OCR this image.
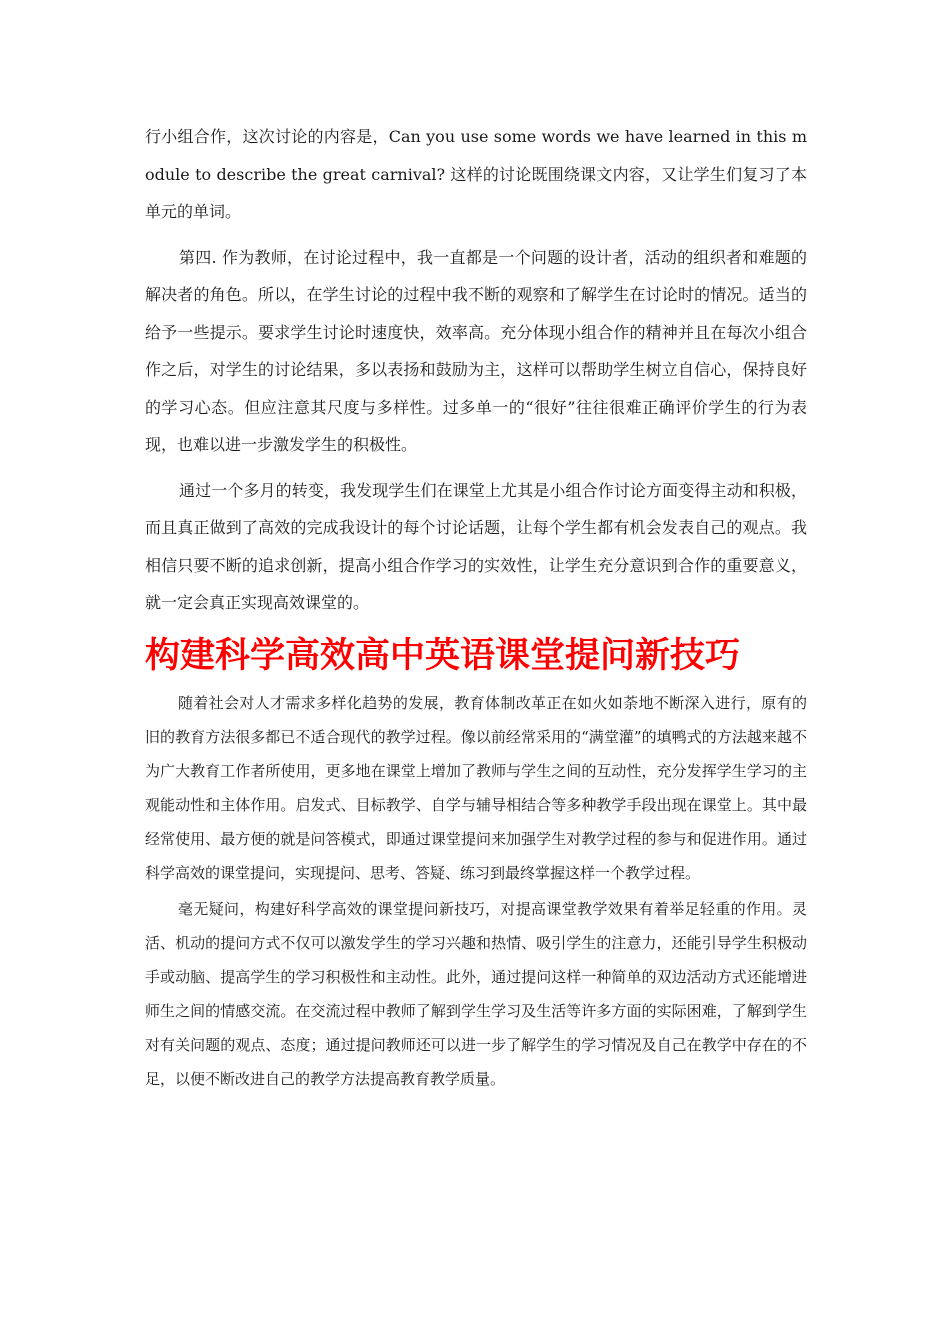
行小组合作，这次讨论的内容是，Can you use some words we have learned in this module to describe the great carnival? 这样的讨论既围绕课文内容，又让学生们复习了本单元的单词。

第四. 作为教师，在讨论过程中，我一直都是一个问题的设计者，活动的组织者和难题的解决者的角色。所以，在学生讨论的过程中我不断的观察和了解学生在讨论时的情况。适当的给予一些提示。要求学生讨论时速度快，效率高。充分体现小组合作的精神并且在每次小组合作之后，对学生的讨论结果，多以表扬和鼓励为主，这样可以帮助学生树立自信心，保持良好的学习心态。但应注意其尺度与多样性。过多单一的“很好”往往很难正确评价学生的行为表现，也难以进一步激发学生的积极性。

通过一个多月的转变，我发现学生们在课堂上尤其是小组合作讨论方面变得主动和积极，而且真正做到了高效的完成我设计的每个讨论话题，让每个学生都有机会发表自己的观点。我相信只要不断的追求创新，提高小组合作学习的实效性，让学生充分意识到合作的重要意义，就一定会真正实现高效课堂的。

构建科学高效高中英语课堂提问新技巧

随着社会对人才需求多样化趋势的发展，教育体制改革正在如火如荼地不断深入进行，原有的旧的教育方法很多都已不适合现代的教学过程。像以前经常采用的“满堂灌”的填鸭式的方法越来越不为广大教育工作者所使用，更多地在课堂上增加了教师与学生之间的互动性，充分发挥学生学习的主观能动性和主体作用。启发式、目标教学、自学与辅导相结合等多种教学手段出现在课堂上。其中最经常使用、最方便的就是问答模式，即通过课堂提问来加强学生对教学过程的参与和促进作用。通过科学高效的课堂提问，实现提问、思考、答疑、练习到最终掌握这样一个教学过程。

毫无疑问，构建好科学高效的课堂提问新技巧，对提高课堂教学效果有着举足轻重的作用。灵活、机动的提问方式不仅可以激发学生的学习兴趣和热情、吸引学生的注意力，还能引导学生积极动手或动脑、提高学生的学习积极性和主动性。此外，通过提问这样一种简单的双边活动方式还能增进师生之间的情感交流。在交流过程中教师了解到学生学习及生活等许多方面的实际困难，了解到学生对有关问题的观点、态度；通过提问教师还可以进一步了解学生的学习情况及自己在教学中存在的不足，以便不断改进自己的教学方法提高教育教学质量。
